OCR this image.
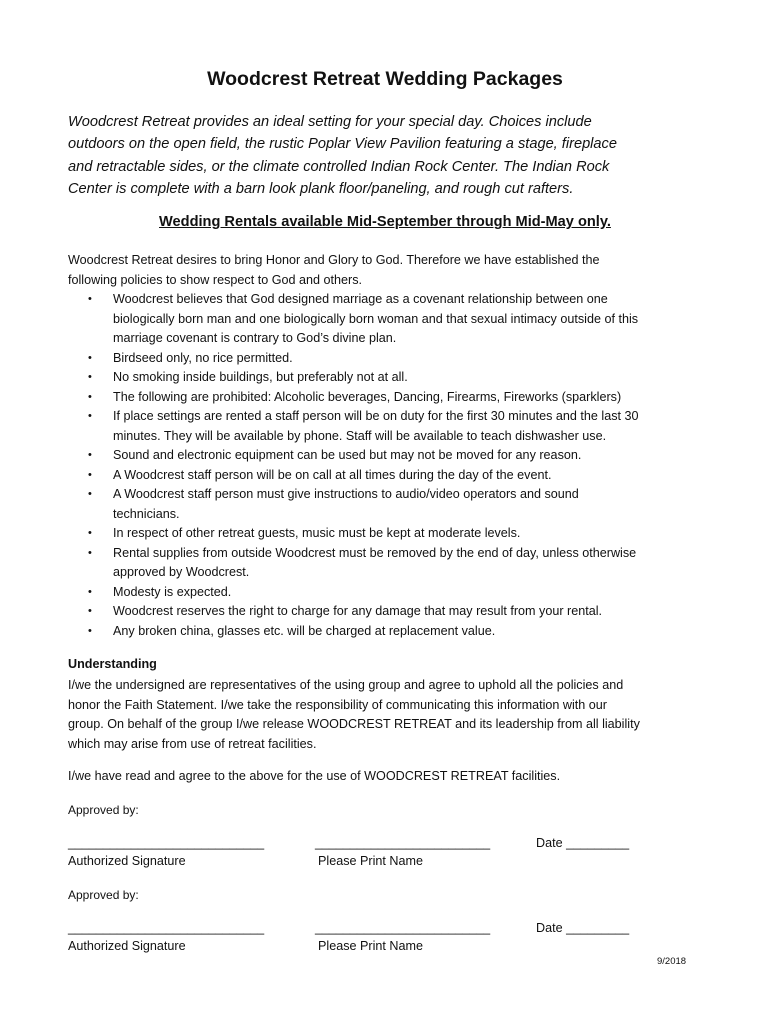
Woodcrest Retreat Wedding Packages
Woodcrest Retreat provides an ideal setting for your special day. Choices include
outdoors on the open field, the rustic Poplar View Pavilion featuring a stage, fireplace
and retractable sides, or the climate controlled Indian Rock Center. The Indian Rock
Center is complete with a barn look plank floor/paneling, and rough cut rafters.
Wedding Rentals available Mid-September through Mid-May only.
Woodcrest Retreat desires to bring Honor and Glory to God. Therefore we have established the
following policies to show respect to God and others.
• Woodcrest believes that God designed marriage as a covenant relationship between one
biologically born man and one biologically born woman and that sexual intimacy outside of this
marriage covenant is contrary to God’s divine plan.
• Birdseed only, no rice permitted.
• No smoking inside buildings, but preferably not at all.
• The following are prohibited: Alcoholic beverages, Dancing, Firearms, Fireworks (sparklers)
• If place settings are rented a staff person will be on duty for the first 30 minutes and the last 30
minutes. They will be available by phone. Staff will be available to teach dishwasher use.
• Sound and electronic equipment can be used but may not be moved for any reason.
• A Woodcrest staff person will be on call at all times during the day of the event.
• A Woodcrest staff person must give instructions to audio/video operators and sound
technicians.
• In respect of other retreat guests, music must be kept at moderate levels.
• Rental supplies from outside Woodcrest must be removed by the end of day, unless otherwise
approved by Woodcrest.
• Modesty is expected.
• Woodcrest reserves the right to charge for any damage that may result from your rental.
• Any broken china, glasses etc. will be charged at replacement value.
Understanding
I/we the undersigned are representatives of the using group and agree to uphold all the policies and
honor the Faith Statement. I/we take the responsibility of communicating this information with our
group. On behalf of the group I/we release WOODCREST RETREAT and its leadership from all liability
which may arise from use of retreat facilities.
I/we have read and agree to the above for the use of WOODCREST RETREAT facilities.
Approved by:
____________________________	_________________________	Date _________
Authorized Signature	Please Print Name
Approved by:
____________________________	_________________________	Date _________
Authorized Signature	Please Print Name
9/2018
